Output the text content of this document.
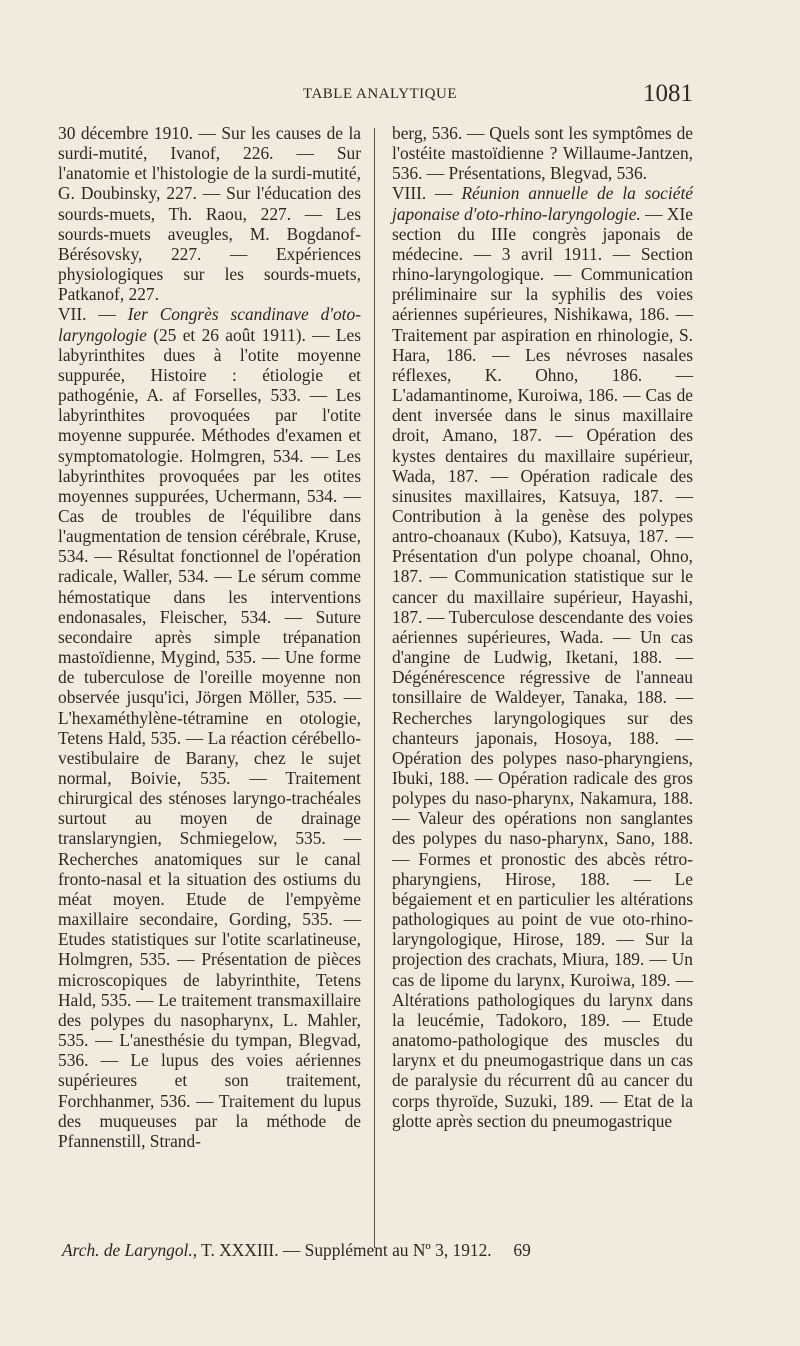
TABLE ANALYTIQUE	1081

30 décembre 1910. — Sur les causes de la surdi-mutité, Ivanof, 226. — Sur l'anatomie et l'histologie de la surdi-mutité, G. Doubinsky, 227. — Sur l'éducation des sourds-muets, Th. Raou, 227. — Les sourds-muets aveugles, M. Bogdanof-Bérésovsky, 227. — Expériences physiologiques sur les sourds-muets, Patkanof, 227.

VII. — Ier Congrès scandinave d'oto-laryngologie (25 et 26 août 1911). — Les labyrinthites dues à l'otite moyenne suppurée, Histoire : étiologie et pathogénie, A. af Forselles, 533. — Les labyrinthites provoquées par l'otite moyenne suppurée. Méthodes d'examen et symptomatologie. Holmgren, 534. — Les labyrinthites provoquées par les otites moyennes suppurées, Uchermann, 534. — Cas de troubles de l'équilibre dans l'augmentation de tension cérébrale, Kruse, 534. — Résultat fonctionnel de l'opération radicale, Waller, 534. — Le sérum comme hémostatique dans les interventions endonasales, Fleischer, 534. — Suture secondaire après simple trépanation mastoïdienne, Mygind, 535. — Une forme de tuberculose de l'oreille moyenne non observée jusqu'ici, Jörgen Möller, 535. — L'hexaméthylène-tétramine en otologie, Tetens Hald, 535. — La réaction cérébello-vestibulaire de Barany, chez le sujet normal, Boivie, 535. — Traitement chirurgical des sténoses laryngo-trachéales surtout au moyen de drainage translaryngien, Schmiegelow, 535. — Recherches anatomiques sur le canal fronto-nasal et la situation des ostiums du méat moyen. Etude de l'empyème maxillaire secondaire, Gording, 535. — Etudes statistiques sur l'otite scarlatineuse, Holmgren, 535. — Présentation de pièces microscopiques de labyrinthite, Tetens Hald, 535. — Le traitement transmaxillaire des polypes du nasopharynx, L. Mahler, 535. — L'anesthésie du tympan, Blegvad, 536. — Le lupus des voies aériennes supérieures et son traitement, Forchhanmer, 536. — Traitement du lupus des muqueuses par la méthode de Pfannenstill, Strand-

berg, 536. — Quels sont les symptômes de l'ostéite mastoïdienne ? Willaume-Jantzen, 536. — Présentations, Blegvad, 536.

VIII. — Réunion annuelle de la société japonaise d'oto-rhino-laryngologie. — XIe section du IIIe congrès japonais de médecine. — 3 avril 1911. — Section rhino-laryngologique. — Communication préliminaire sur la syphilis des voies aériennes supérieures, Nishikawa, 186. — Traitement par aspiration en rhinologie, S. Hara, 186. — Les névroses nasales réflexes, K. Ohno, 186. — L'adamantinome, Kuroiwa, 186. — Cas de dent inversée dans le sinus maxillaire droit, Amano, 187. — Opération des kystes dentaires du maxillaire supérieur, Wada, 187. — Opération radicale des sinusites maxillaires, Katsuya, 187. — Contribution à la genèse des polypes antro-choanaux (Kubo), Katsuya, 187. — Présentation d'un polype choanal, Ohno, 187. — Communication statistique sur le cancer du maxillaire supérieur, Hayashi, 187. — Tuberculose descendante des voies aériennes supérieures, Wada. — Un cas d'angine de Ludwig, Iketani, 188. — Dégénérescence régressive de l'anneau tonsillaire de Waldeyer, Tanaka, 188. — Recherches laryngologiques sur des chanteurs japonais, Hosoya, 188. — Opération des polypes naso-pharyngiens, Ibuki, 188. — Opération radicale des gros polypes du naso-pharynx, Nakamura, 188. — Valeur des opérations non sanglantes des polypes du naso-pharynx, Sano, 188. — Formes et pronostic des abcès rétro-pharyngiens, Hirose, 188. — Le bégaiement et en particulier les altérations pathologiques au point de vue oto-rhino-laryngologique, Hirose, 189. — Sur la projection des crachats, Miura, 189. — Un cas de lipome du larynx, Kuroiwa, 189. — Altérations pathologiques du larynx dans la leucémie, Tadokoro, 189. — Etude anatomo-pathologique des muscles du larynx et du pneumogastrique dans un cas de paralysie du récurrent dû au cancer du corps thyroïde, Suzuki, 189. — Etat de la glotte après section du pneumogastrique

Arch. de Laryngol., T. XXXIII. — Supplément au Nº 3, 1912. 69
